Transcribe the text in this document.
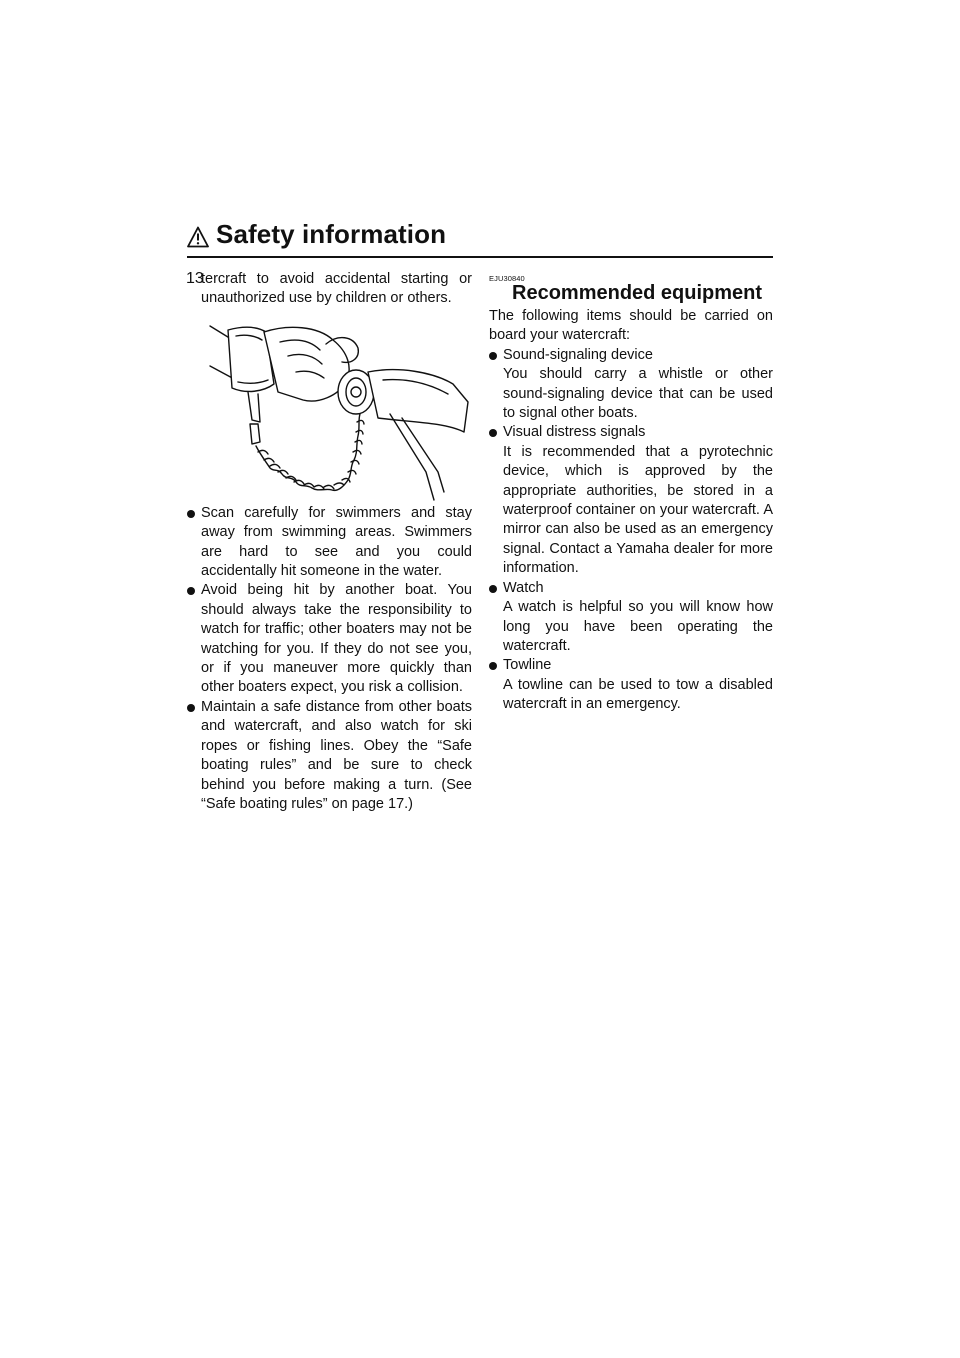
Safety information
13

tercraft to avoid accidental starting or unauthorized use by children or others.

Scan carefully for swimmers and stay away from swimming areas. Swimmers are hard to see and you could accidentally hit someone in the water.
Avoid being hit by another boat. You should always take the responsibility to watch for traffic; other boaters may not be watching for you. If they do not see you, or if you maneuver more quickly than other boaters expect, you risk a collision.
Maintain a safe distance from other boats and watercraft, and also watch for ski ropes or fishing lines. Obey the “Safe boating rules” and be sure to check behind you before making a turn. (See “Safe boating rules” on page 17.)
EJU30840
Recommended equipment

The following items should be carried on board your watercraft:

Sound-signaling device
You should carry a whistle or other sound-signaling device that can be used to signal other boats.
Visual distress signals
It is recommended that a pyrotechnic device, which is approved by the appropriate authorities, be stored in a waterproof container on your watercraft. A mirror can also be used as an emergency signal. Contact a Yamaha dealer for more information.
Watch
A watch is helpful so you will know how long you have been operating the watercraft.
Towline
A towline can be used to tow a disabled watercraft in an emergency.
